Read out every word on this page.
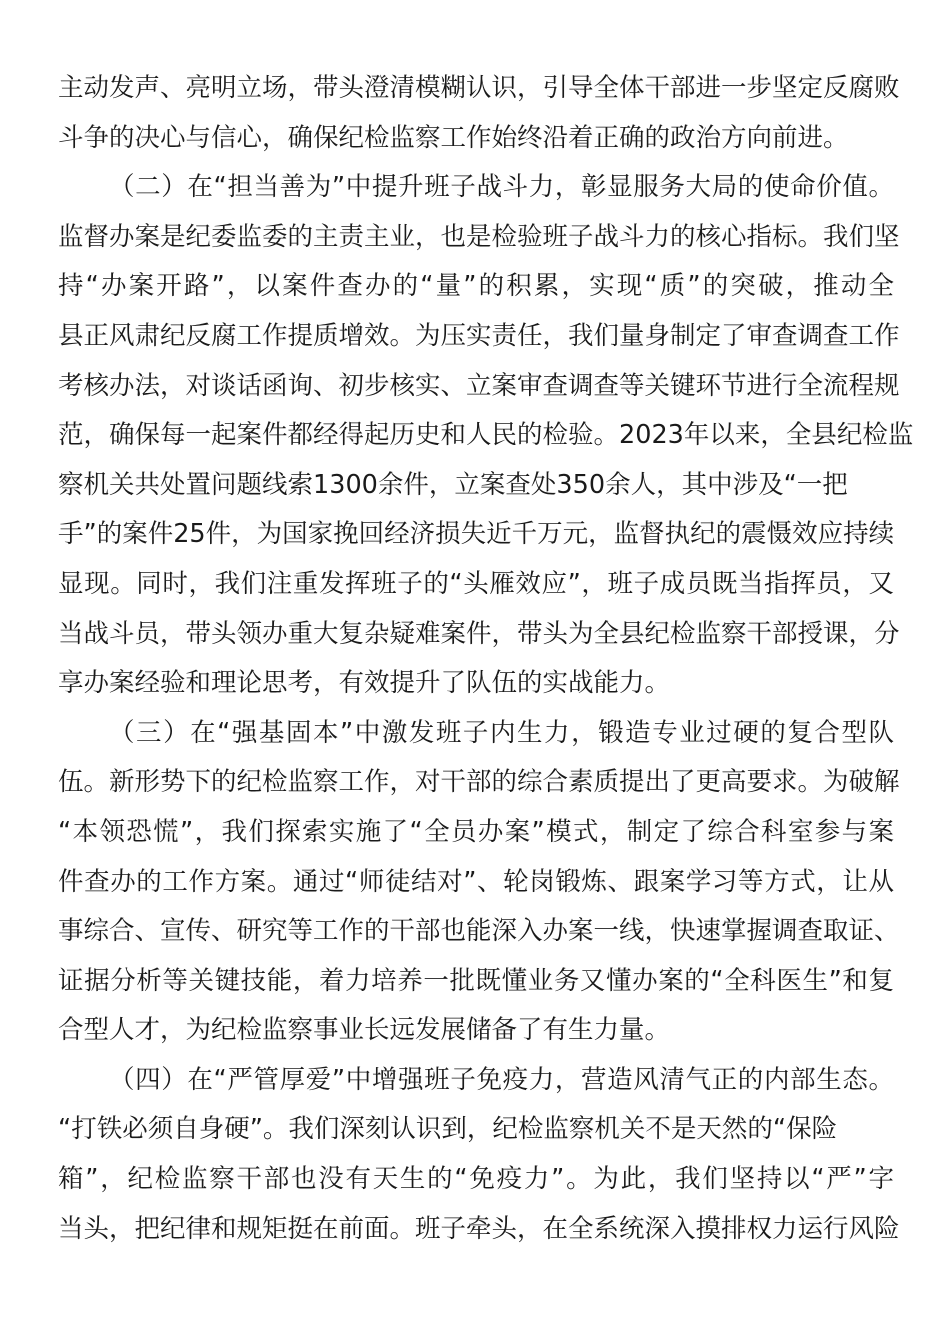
主动发声、亮明立场，带头澄清模糊认识，引导全体干部进一步坚定反腐败
斗争的决心与信心，确保纪检监察工作始终沿着正确的政治方向前进。
（二）在“担当善为”中提升班子战斗力，彰显服务大局的使命价值。
监督办案是纪委监委的主责主业，也是检验班子战斗力的核心指标。我们坚
持“办案开路”，以案件查办的“量”的积累，实现“质”的突破，推动全
县正风肃纪反腐工作提质增效。为压实责任，我们量身制定了审查调查工作
考核办法，对谈话函询、初步核实、立案审查调查等关键环节进行全流程规
范，确保每一起案件都经得起历史和人民的检验。2023年以来，全县纪检监
察机关共处置问题线索1300余件，立案查处350余人，其中涉及“一把
手”的案件25件，为国家挽回经济损失近千万元，监督执纪的震慑效应持续
显现。同时，我们注重发挥班子的“头雁效应”，班子成员既当指挥员，又
当战斗员，带头领办重大复杂疑难案件，带头为全县纪检监察干部授课，分
享办案经验和理论思考，有效提升了队伍的实战能力。
（三）在“强基固本”中激发班子内生力，锻造专业过硬的复合型队
伍。新形势下的纪检监察工作，对干部的综合素质提出了更高要求。为破解
“本领恐慌”，我们探索实施了“全员办案”模式，制定了综合科室参与案
件查办的工作方案。通过“师徒结对”、轮岗锻炼、跟案学习等方式，让从
事综合、宣传、研究等工作的干部也能深入办案一线，快速掌握调查取证、
证据分析等关键技能，着力培养一批既懂业务又懂办案的“全科医生”和复
合型人才，为纪检监察事业长远发展储备了有生力量。
（四）在“严管厚爱”中增强班子免疫力，营造风清气正的内部生态。
“打铁必须自身硬”。我们深刻认识到，纪检监察机关不是天然的“保险
箱”，纪检监察干部也没有天生的“免疫力”。为此，我们坚持以“严”字
当头，把纪律和规矩挺在前面。班子牵头，在全系统深入摸排权力运行风险
